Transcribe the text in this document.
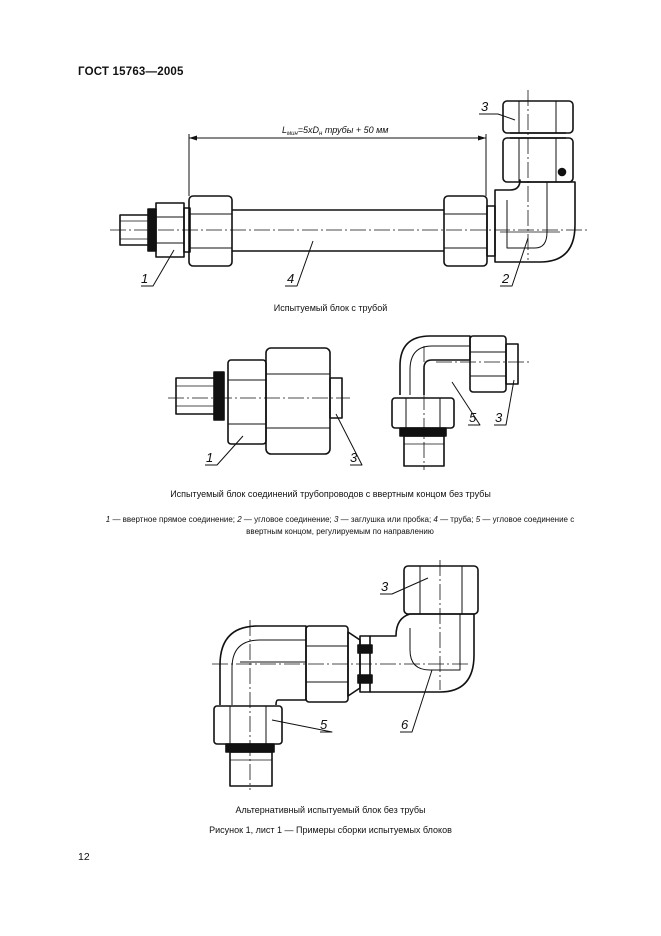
ГОСТ 15763—2005
$L_{мин}=5xD_н$ трубы + 50 мм
1	2
3
4
1	3
5 3
3
5	6
Испытуемый блок с трубой
Испытуемый блок соединений трубопроводов с ввертным концом без трубы
1 — ввертное прямое соединение; 2 — угловое соединение; 3 — заглушка или пробка; 4 — труба; 5 — угловое соединение с ввертным концом, регулируемым по направлению
Альтернативный испытуемый блок без трубы
Рисунок 1, лист 1 — Примеры сборки испытуемых блоков
12
